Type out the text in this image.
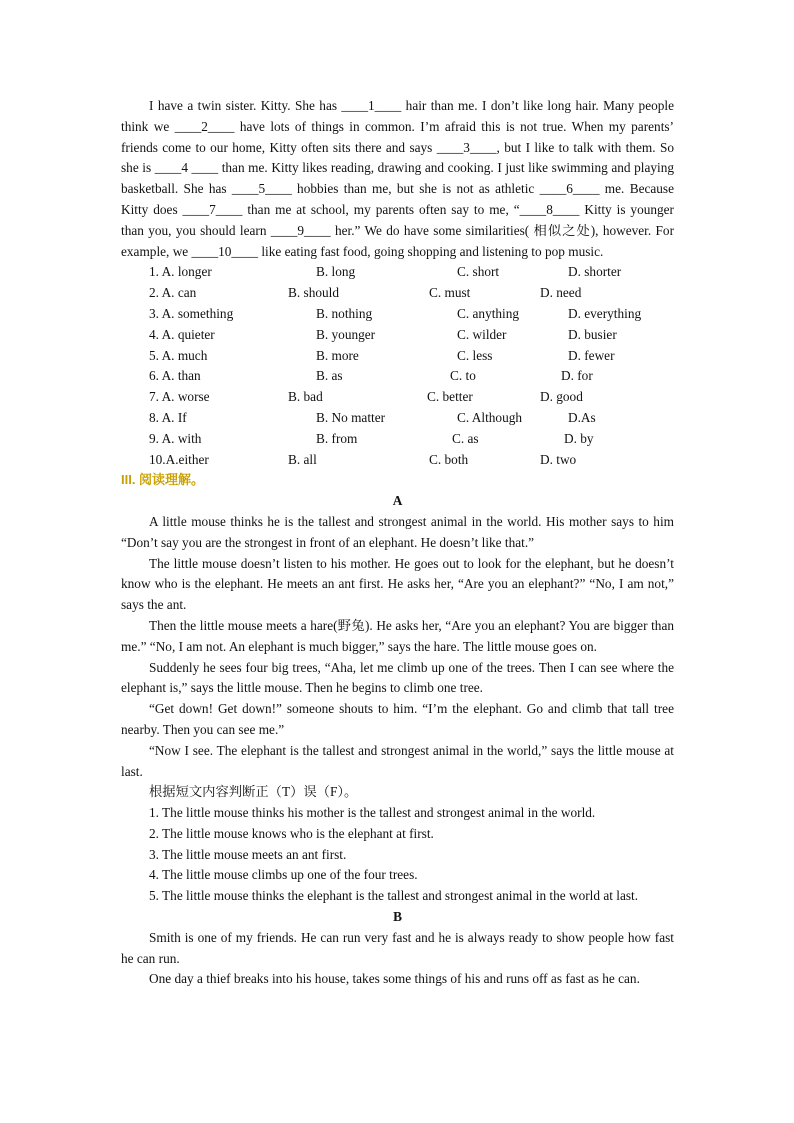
I have a twin sister. Kitty. She has ____1____ hair than me. I don’t like long hair. Many people think we ____2____ have lots of things in common. I’m afraid this is not true. When my parents’ friends come to our home, Kitty often sits there and says ____3____, but I like to talk with them. So she is ____4 ____ than me. Kitty likes reading, drawing and cooking. I just like swimming and playing basketball. She has ____5____ hobbies than me, but she is not as athletic ____6____ me. Because Kitty does ____7____ than me at school, my parents often say to me, “____8____ Kitty is younger than you, you should learn ____9____ her.” We do have some similarities( 相似之处), however. For example, we ____10____ like eating fast food, going shopping and listening to pop music.

1. A. longer	B. long	C. short	D. shorter
2. A. can	B. should	C. must	D. need
3. A. something	B. nothing	C. anything	D. everything
4. A. quieter	B. younger	C. wilder	D. busier
5. A. much	B. more	C. less	D. fewer
6. A. than	B. as	C. to	D. for
7. A. worse	B. bad	C. better	D. good
8. A. If	B. No matter	C. Although	D.As
9. A. with	B. from	C. as	D. by
10.A.either	B. all	C. both	D. two
III. 阅读理解。
A

A little mouse thinks he is the tallest and strongest animal in the world. His mother says to him “Don’t say you are the strongest in front of an elephant. He doesn’t like that.”

The little mouse doesn’t listen to his mother. He goes out to look for the elephant, but he doesn’t know who is the elephant. He meets an ant first. He asks her, “Are you an elephant?” “No, I am not,” says the ant.

Then the little mouse meets a hare(野兔). He asks her, “Are you an elephant? You are bigger than me.” “No, I am not. An elephant is much bigger,” says the hare. The little mouse goes on.

Suddenly he sees four big trees, “Aha, let me climb up one of the trees. Then I can see where the elephant is,” says the little mouse. Then he begins to climb one tree.

“Get down! Get down!” someone shouts to him. “I’m the elephant. Go and climb that tall tree nearby. Then you can see me.”

“Now I see. The elephant is the tallest and strongest animal in the world,” says the little mouse at last.

根据短文内容判断正（T）误（F）。
1. The little mouse thinks his mother is the tallest and strongest animal in the world.
2. The little mouse knows who is the elephant at first.
3. The little mouse meets an ant first.
4. The little mouse climbs up one of the four trees.
5. The little mouse thinks the elephant is the tallest and strongest animal in the world at last.
B

Smith is one of my friends. He can run very fast and he is always ready to show people how fast he can run.

One day a thief breaks into his house, takes some things of his and runs off as fast as he can.
